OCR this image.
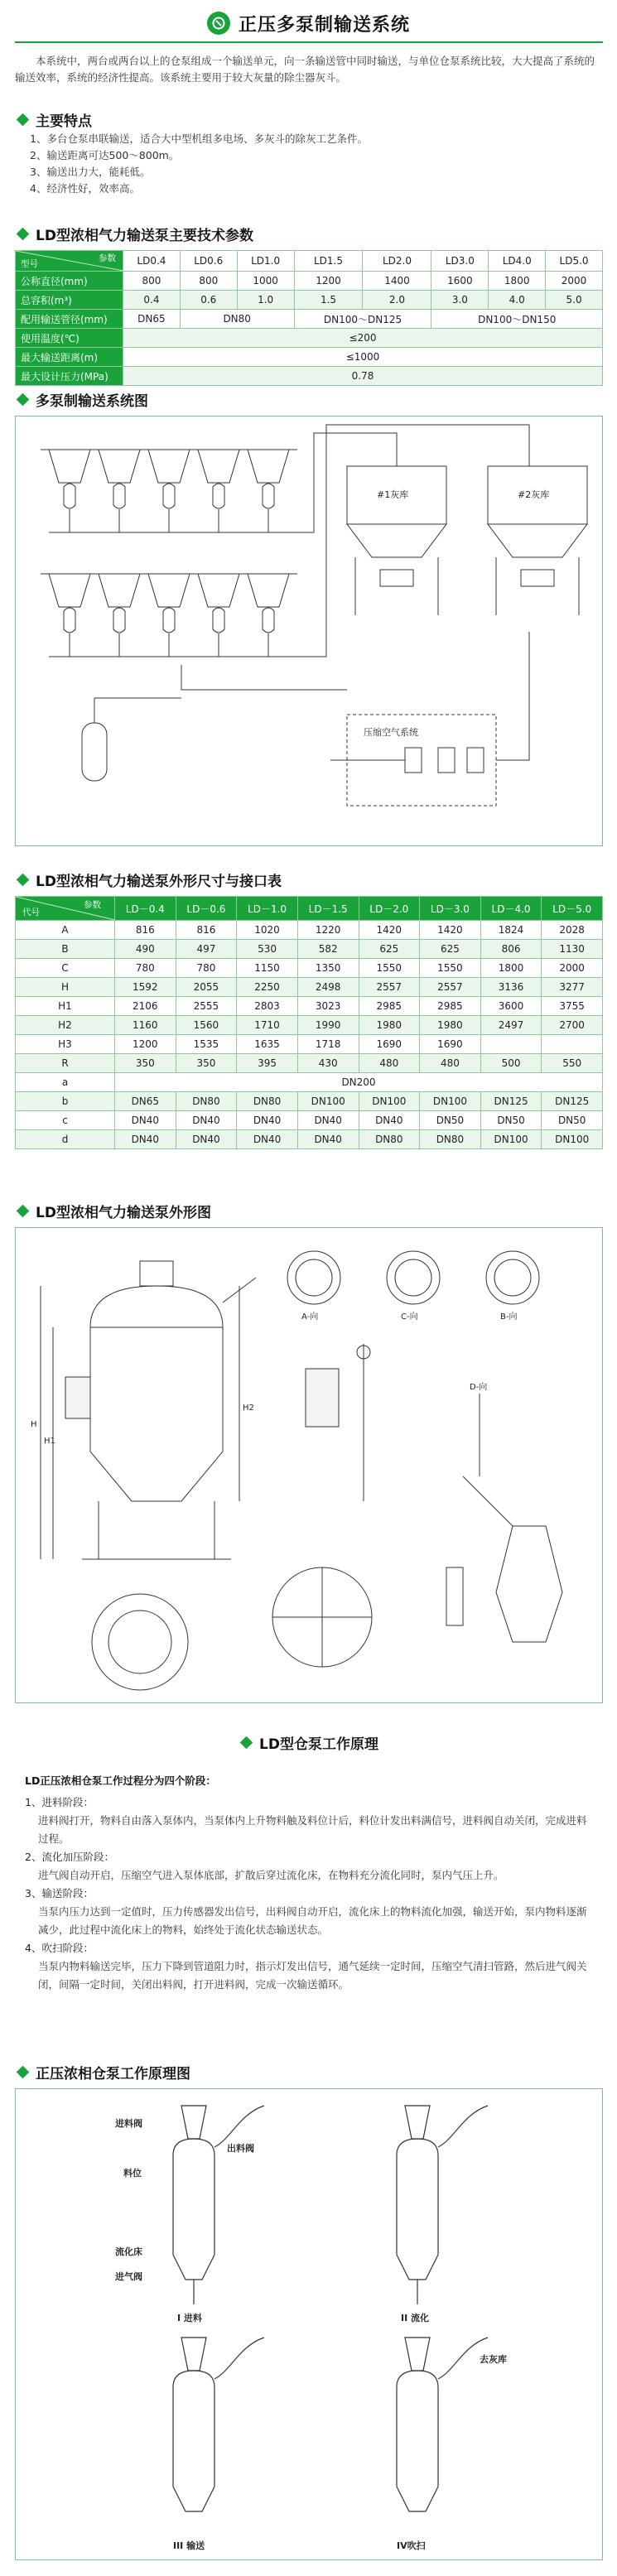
正压多泵制输送系统

本系统中，两台或两台以上的仓泵组成一个输送单元，向一条输送管中同时输送，与单位仓泵系统比较，大大提高了系统的输送效率，系统的经济性提高。该系统主要用于较大灰量的除尘器灰斗。

主要特点
1、多台仓泵串联输送，适合大中型机组多电场、多灰斗的除灰工艺条件。
2、输送距离可达500～800m。
3、输送出力大，能耗低。
4、经济性好，效率高。
LD型浓相气力输送泵主要技术参数
参数
型号	LD0.4	LD0.6	LD1.0	LD1.5	LD2.0	LD3.0	LD4.0	LD5.0
公称直径(mm)	800	800	1000	1200	1400	1600	1800	2000
总容积(m³)	0.4	0.6	1.0	1.5	2.0	3.0	4.0	5.0
配用输送管径(mm)	DN65	DN80		DN100～DN125		DN100～DN150		
使用温度(℃)	≤200							
最大输送距离(m)	≤1000							
最大设计压力(MPa)	0.78							
多泵制输送系统图
#1灰库	#2灰库
压缩空气系统
LD型浓相气力输送泵外形尺寸与接口表
参数
代号	LD－0.4	LD－0.6	LD－1.0	LD－1.5	LD－2.0	LD－3.0	LD－4.0	LD－5.0
A	816	816	1020	1220	1420	1420	1824	2028
B	490	497	530	582	625	625	806	1130
C	780	780	1150	1350	1550	1550	1800	2000
H	1592	2055	2250	2498	2557	2557	3136	3277
H1	2106	2555	2803	3023	2985	2985	3600	3755
H2	1160	1560	1710	1990	1980	1980	2497	2700
H3	1200	1535	1635	1718	1690	1690		
R	350	350	395	430	480	480	500	550
a	DN200							
b	DN65	DN80	DN80	DN100	DN100	DN100	DN125	DN125
c	DN40	DN40	DN40	DN40	DN40	DN50	DN50	DN50
d	DN40	DN40	DN40	DN40	DN80	DN80	DN100	DN100
LD型浓相气力输送泵外形图
A-向	C-向	B-向
D-向
H
H1
H2
LD型仓泵工作原理
LD正压浓相仓泵工作过程分为四个阶段：
1、进料阶段：
进料阀打开，物料自由落入泵体内，当泵体内上升物料触及料位计后，料位计发出料满信号，进料阀自动关闭，完成进料过程。
2、流化加压阶段：
进气阀自动开启，压缩空气进入泵体底部，扩散后穿过流化床，在物料充分流化同时，泵内气压上升。
3、输送阶段：
当泵内压力达到一定值时，压力传感器发出信号，出料阀自动开启，流化床上的物料流化加强，输送开始，泵内物料逐渐减少，此过程中流化床上的物料，始终处于流化状态输送状态。
4、吹扫阶段：
当泵内物料输送完毕，压力下降到管道阻力时，指示灯发出信号，通气延续一定时间，压缩空气清扫管路，然后进气阀关闭，间隔一定时间，关闭出料阀，打开进料阀，完成一次输送循环。
正压浓相仓泵工作原理图
进料阀
出料阀
料位
流化床
进气阀
去灰库
I 进料	II 流化
III 输送	IV吹扫
